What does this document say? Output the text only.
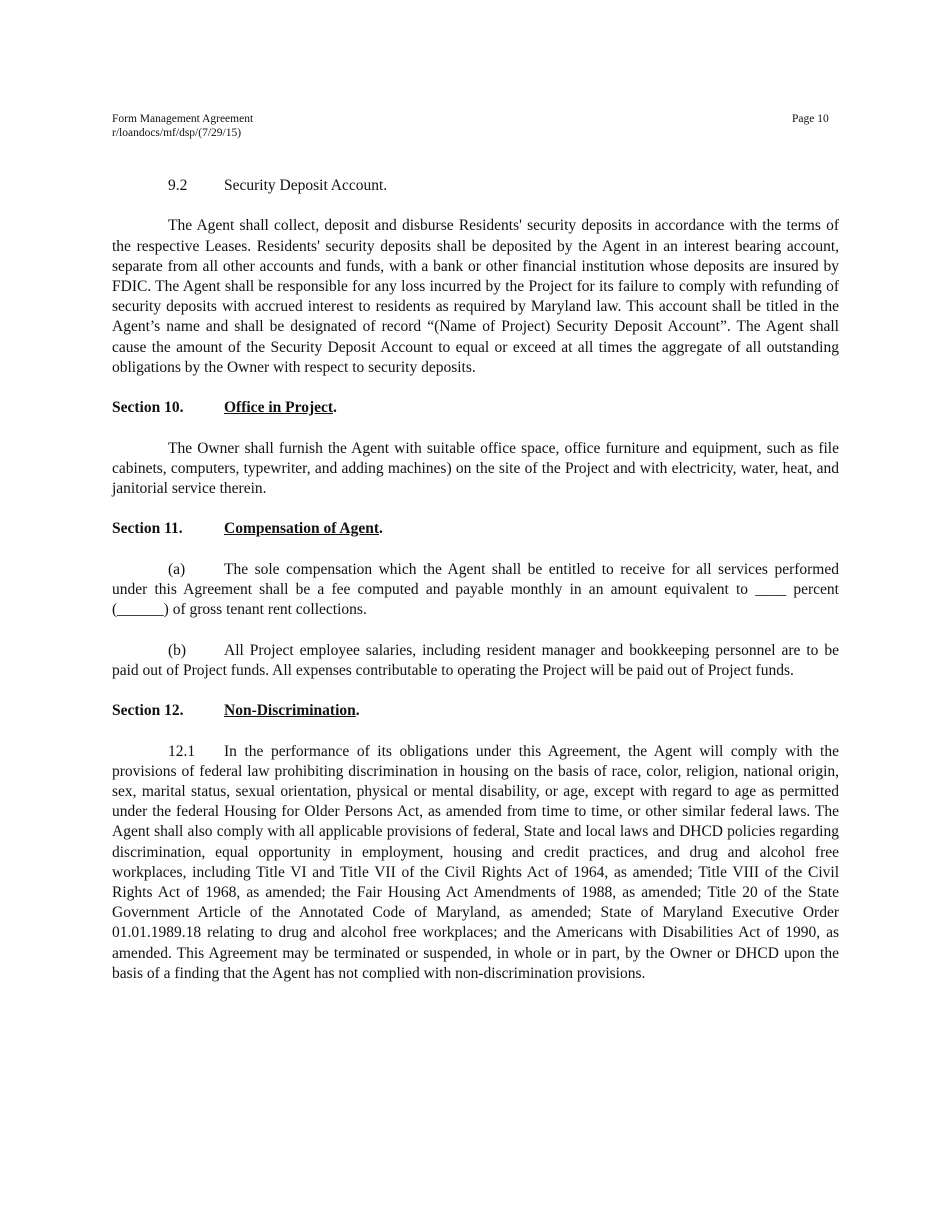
Form Management Agreement
r/loandocs/mf/dsp/(7/29/15)
Page 10
9.2 Security Deposit Account.

The Agent shall collect, deposit and disburse Residents' security deposits in accordance with the terms of the respective Leases. Residents' security deposits shall be deposited by the Agent in an interest bearing account, separate from all other accounts and funds, with a bank or other financial institution whose deposits are insured by FDIC. The Agent shall be responsible for any loss incurred by the Project for its failure to comply with refunding of security deposits with accrued interest to residents as required by Maryland law. This account shall be titled in the Agent’s name and shall be designated of record “(Name of Project) Security Deposit Account”. The Agent shall cause the amount of the Security Deposit Account to equal or exceed at all times the aggregate of all outstanding obligations by the Owner with respect to security deposits.

Section 10.	Office in Project.

The Owner shall furnish the Agent with suitable office space, office furniture and equipment, such as file cabinets, computers, typewriter, and adding machines) on the site of the Project and with electricity, water, heat, and janitorial service therein.

Section 11.	Compensation of Agent.

(a)	The sole compensation which the Agent shall be entitled to receive for all services performed under this Agreement shall be a fee computed and payable monthly in an amount equivalent to ____ percent (______) of gross tenant rent collections.

(b) All Project employee salaries, including resident manager and bookkeeping personnel are to be paid out of Project funds. All expenses contributable to operating the Project will be paid out of Project funds.

Section 12.	Non-Discrimination.

12.1 In the performance of its obligations under this Agreement, the Agent will comply with the provisions of federal law prohibiting discrimination in housing on the basis of race, color, religion, national origin, sex, marital status, sexual orientation, physical or mental disability, or age, except with regard to age as permitted under the federal Housing for Older Persons Act, as amended from time to time, or other similar federal laws. The Agent shall also comply with all applicable provisions of federal, State and local laws and DHCD policies regarding discrimination, equal opportunity in employment, housing and credit practices, and drug and alcohol free workplaces, including Title VI and Title VII of the Civil Rights Act of 1964, as amended; Title VIII of the Civil Rights Act of 1968, as amended; the Fair Housing Act Amendments of 1988, as amended; Title 20 of the State Government Article of the Annotated Code of Maryland, as amended; State of Maryland Executive Order 01.01.1989.18 relating to drug and alcohol free workplaces; and the Americans with Disabilities Act of 1990, as amended. This Agreement may be terminated or suspended, in whole or in part, by the Owner or DHCD upon the basis of a finding that the Agent has not complied with non-discrimination provisions.
